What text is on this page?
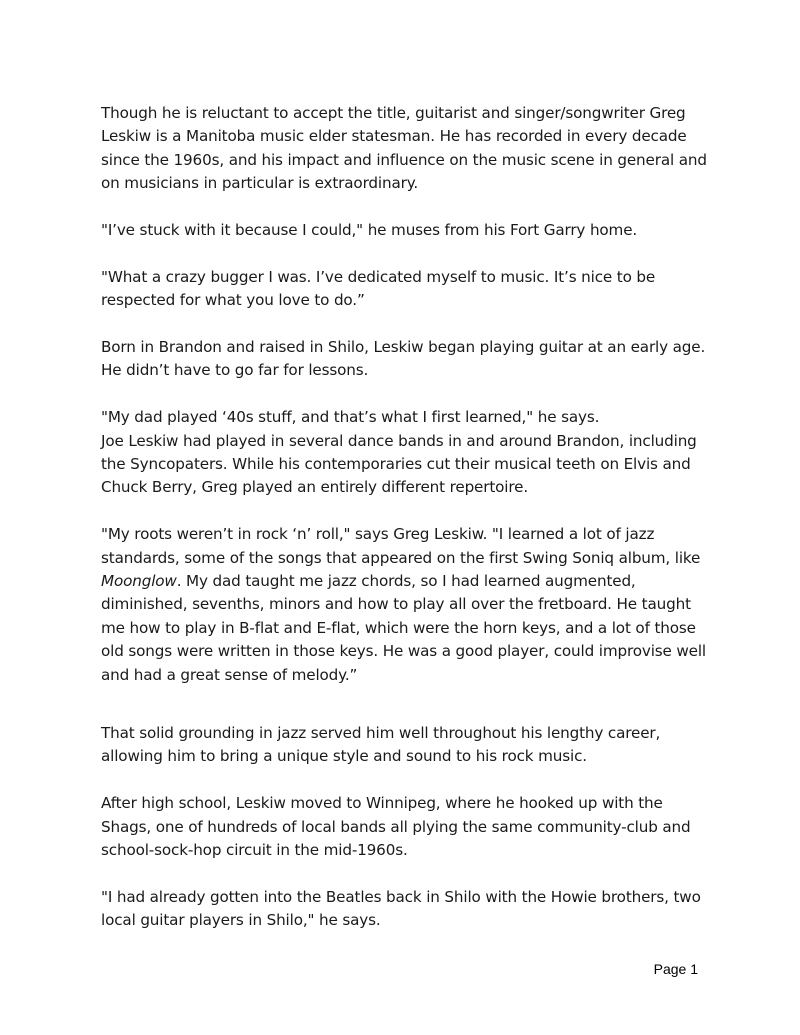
Though he is reluctant to accept the title, guitarist and singer/songwriter Greg Leskiw is a Manitoba music elder statesman. He has recorded in every decade since the 1960s, and his impact and influence on the music scene in general and on musicians in particular is extraordinary.

"I’ve stuck with it because I could," he muses from his Fort Garry home.

"What a crazy bugger I was. I’ve dedicated myself to music. It’s nice to be respected for what you love to do.”

Born in Brandon and raised in Shilo, Leskiw began playing guitar at an early age. He didn’t have to go far for lessons.

"My dad played ‘40s stuff, and that’s what I first learned," he says.
Joe Leskiw had played in several dance bands in and around Brandon, including the Syncopaters. While his contemporaries cut their musical teeth on Elvis and Chuck Berry, Greg played an entirely different repertoire.

"My roots weren’t in rock ‘n’ roll," says Greg Leskiw. "I learned a lot of jazz standards, some of the songs that appeared on the first Swing Soniq album, like Moonglow. My dad taught me jazz chords, so I had learned augmented, diminished, sevenths, minors and how to play all over the fretboard. He taught me how to play in B-flat and E-flat, which were the horn keys, and a lot of those old songs were written in those keys. He was a good player, could improvise well and had a great sense of melody.”

That solid grounding in jazz served him well throughout his lengthy career, allowing him to bring a unique style and sound to his rock music.

After high school, Leskiw moved to Winnipeg, where he hooked up with the Shags, one of hundreds of local bands all plying the same community-club and school-sock-hop circuit in the mid-1960s.

"I had already gotten into the Beatles back in Shilo with the Howie brothers, two local guitar players in Shilo," he says.

Page 1
